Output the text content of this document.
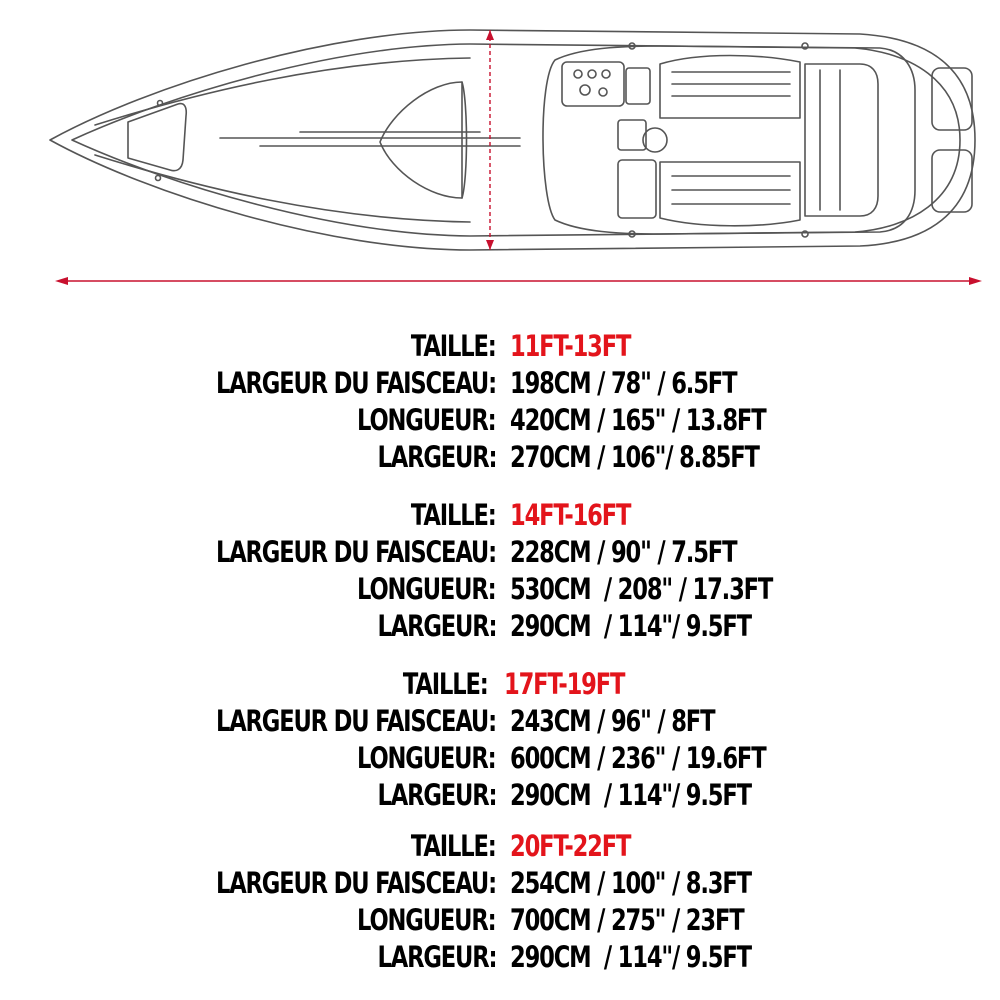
TAILLE: 11FT-13FT
LARGEUR DU FAISCEAU: 198CM / 78" / 6.5FT
LONGUEUR: 420CM / 165" / 13.8FT
LARGEUR: 270CM / 106"/ 8.85FT
TAILLE: 14FT-16FT
LARGEUR DU FAISCEAU: 228CM / 90" / 7.5FT
LONGUEUR: 530CM  / 208" / 17.3FT
LARGEUR: 290CM  / 114"/ 9.5FT
TAILLE: 17FT-19FT
LARGEUR DU FAISCEAU: 243CM / 96" / 8FT
LONGUEUR: 600CM / 236" / 19.6FT
LARGEUR: 290CM  / 114"/ 9.5FT
TAILLE: 20FT-22FT
LARGEUR DU FAISCEAU: 254CM / 100" / 8.3FT
LONGUEUR: 700CM / 275" / 23FT
LARGEUR: 290CM  / 114"/ 9.5FT
